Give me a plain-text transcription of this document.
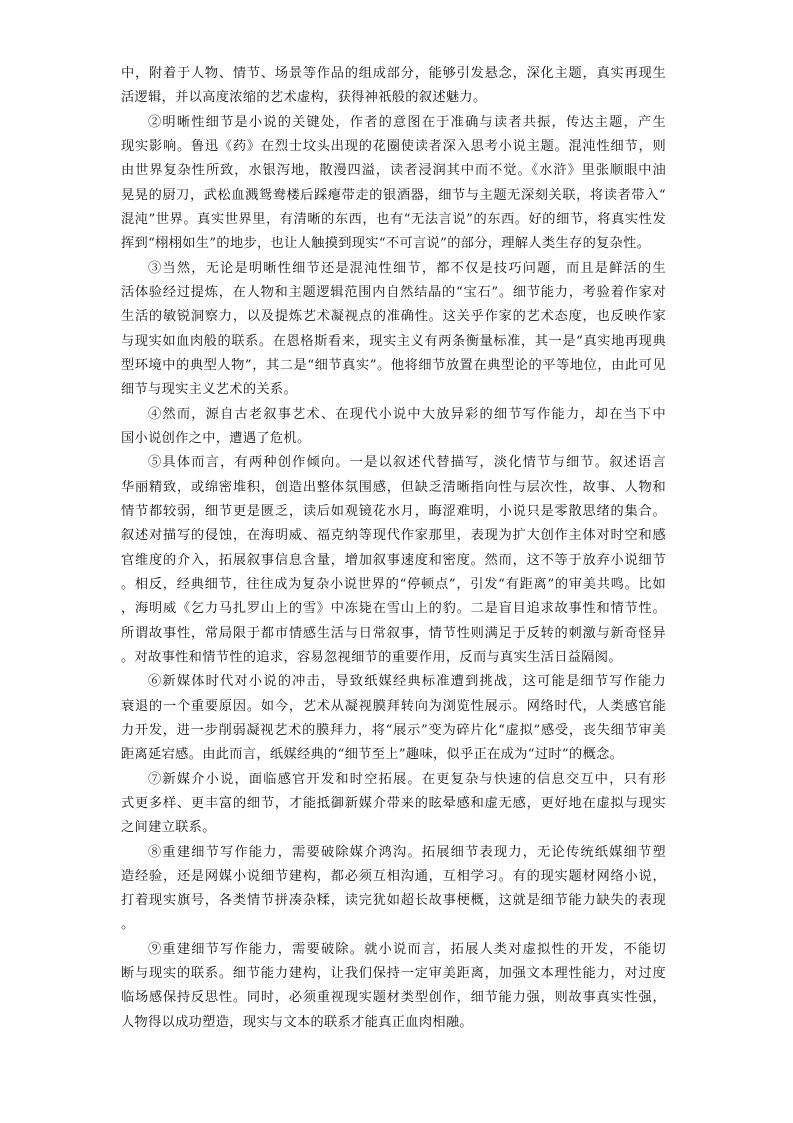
中，附着于人物、情节、场景等作品的组成部分，能够引发悬念，深化主题，真实再现生
活逻辑，并以高度浓缩的艺术虚构，获得神祇般的叙述魅力。
②明晰性细节是小说的关键处，作者的意图在于准确与读者共振，传达主题，产生
现实影响。鲁迅《药》在烈士坟头出现的花圈使读者深入思考小说主题。混沌性细节，则
由世界复杂性所致，水银泻地，散漫四溢，读者浸润其中而不觉。《水浒》里张顺眼中油
晃晃的厨刀，武松血溅鸳鸯楼后踩瘪带走的银酒器，细节与主题无深刻关联，将读者带入“
混沌”世界。真实世界里，有清晰的东西，也有“无法言说”的东西。好的细节，将真实性发
挥到“栩栩如生”的地步，也让人触摸到现实“不可言说”的部分，理解人类生存的复杂性。
③当然，无论是明晰性细节还是混沌性细节，都不仅是技巧问题，而且是鲜活的生
活体验经过提炼，在人物和主题逻辑范围内自然结晶的“宝石”。细节能力，考验着作家对
生活的敏锐洞察力，以及提炼艺术凝视点的准确性。这关乎作家的艺术态度，也反映作家
与现实如血肉般的联系。在恩格斯看来，现实主义有两条衡量标准，其一是“真实地再现典
型环境中的典型人物”，其二是“细节真实”。他将细节放置在典型论的平等地位，由此可见
细节与现实主义艺术的关系。
④然而，源自古老叙事艺术、在现代小说中大放异彩的细节写作能力，却在当下中
国小说创作之中，遭遇了危机。
⑤具体而言，有两种创作倾向。一是以叙述代替描写，淡化情节与细节。叙述语言
华丽精致，或绵密堆积，创造出整体氛围感，但缺乏清晰指向性与层次性，故事、人物和
情节都较弱，细节更是匮乏，读后如观镜花水月，晦涩难明，小说只是零散思绪的集合。
叙述对描写的侵蚀，在海明威、福克纳等现代作家那里，表现为扩大创作主体对时空和感
官维度的介入，拓展叙事信息含量，增加叙事速度和密度。然而，这不等于放弃小说细节
。相反，经典细节，往往成为复杂小说世界的“停顿点”，引发“有距离”的审美共鸣。比如
，海明威《乞力马扎罗山上的雪》中冻毙在雪山上的豹。二是盲目追求故事性和情节性。
所谓故事性，常局限于都市情感生活与日常叙事，情节性则满足于反转的刺激与新奇怪异
。对故事性和情节性的追求，容易忽视细节的重要作用，反而与真实生活日益隔阂。
⑥新媒体时代对小说的冲击，导致纸媒经典标准遭到挑战，这可能是细节写作能力
衰退的一个重要原因。如今，艺术从凝视膜拜转向为浏览性展示。网络时代，人类感官能
力开发，进一步削弱凝视艺术的膜拜力，将“展示”变为碎片化“虚拟”感受，丧失细节审美
距离延宕感。由此而言，纸媒经典的“细节至上”趣味，似乎正在成为“过时”的概念。
⑦新媒介小说，面临感官开发和时空拓展。在更复杂与快速的信息交互中，只有形
式更多样、更丰富的细节，才能抵御新媒介带来的眩晕感和虚无感，更好地在虚拟与现实
之间建立联系。
⑧重建细节写作能力，需要破除媒介鸿沟。拓展细节表现力，无论传统纸媒细节塑
造经验，还是网媒小说细节建构，都必须互相沟通，互相学习。有的现实题材网络小说，
打着现实旗号，各类情节拼凑杂糅，读完犹如超长故事梗概，这就是细节能力缺失的表现
。
⑨重建细节写作能力，需要破除。就小说而言，拓展人类对虚拟性的开发，不能切
断与现实的联系。细节能力建构，让我们保持一定审美距离，加强文本理性能力，对过度
临场感保持反思性。同时，必须重视现实题材类型创作，细节能力强，则故事真实性强，
人物得以成功塑造，现实与文本的联系才能真正血肉相融。
